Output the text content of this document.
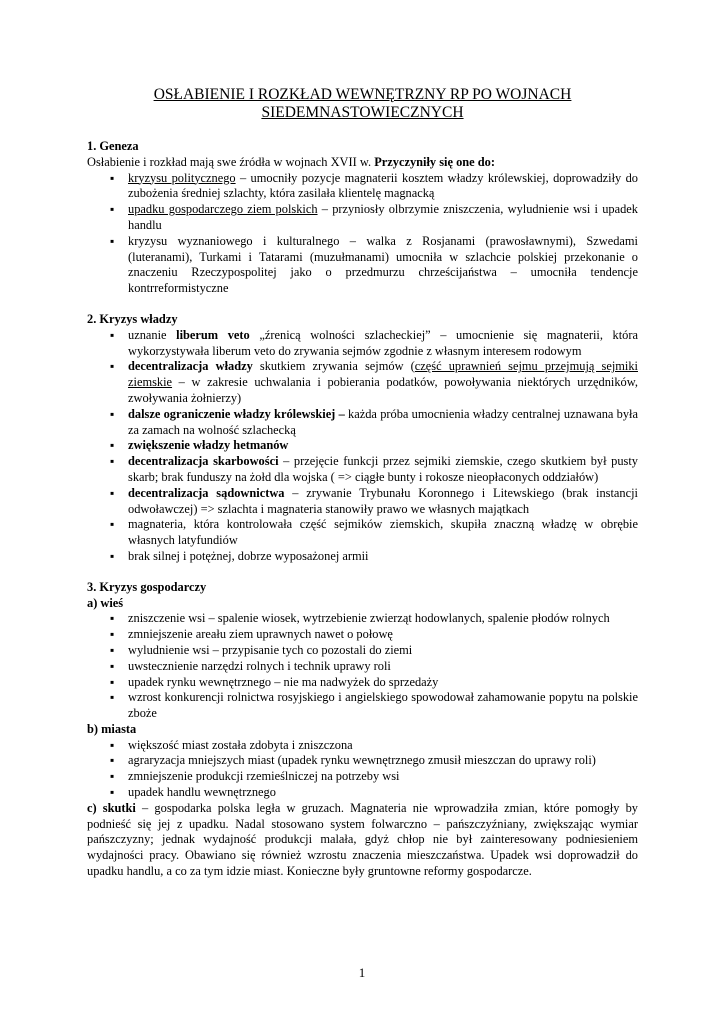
OSŁABIENIE I ROZKŁAD WEWNĘTRZNY RP PO WOJNACH
SIEDEMNASTOWIECZNYCH

1. Geneza

Osłabienie i rozkład mają swe źródła w wojnach XVII w. Przyczyniły się one do:

▪ kryzysu politycznego – umocniły pozycje magnaterii kosztem władzy królewskiej, doprowadziły do zubożenia średniej szlachty, która zasilała klientelę magnacką
▪ upadku gospodarczego ziem polskich – przyniosły olbrzymie zniszczenia, wyludnienie wsi i upadek handlu
▪ kryzysu wyznaniowego i kulturalnego – walka z Rosjanami (prawosławnymi), Szwedami (luteranami), Turkami i Tatarami (muzułmanami) umocniła w szlachcie polskiej przekonanie o znaczeniu Rzeczypospolitej jako o przedmurzu chrześcijaństwa – umocniła tendencje kontrreformistyczne

2. Kryzys władzy

▪ uznanie liberum veto „źrenicą wolności szlacheckiej” – umocnienie się magnaterii, która wykorzystywała liberum veto do zrywania sejmów zgodnie z własnym interesem rodowym
▪ decentralizacja władzy skutkiem zrywania sejmów (część uprawnień sejmu przejmują sejmiki ziemskie – w zakresie uchwalania i pobierania podatków, powoływania niektórych urzędników, zwoływania żołnierzy)
▪ dalsze ograniczenie władzy królewskiej – każda próba umocnienia władzy centralnej uznawana była za zamach na wolność szlachecką
▪ zwiększenie władzy hetmanów
▪ decentralizacja skarbowości – przejęcie funkcji przez sejmiki ziemskie, czego skutkiem był pusty skarb; brak funduszy na żołd dla wojska ( => ciągłe bunty i rokosze nieopłaconych oddziałów)
▪ decentralizacja sądownictwa – zrywanie Trybunału Koronnego i Litewskiego (brak instancji odwoławczej) => szlachta i magnateria stanowiły prawo we własnych majątkach
▪ magnateria, która kontrolowała część sejmików ziemskich, skupiła znaczną władzę w obrębie własnych latyfundiów
▪ brak silnej i potężnej, dobrze wyposażonej armii

3. Kryzys gospodarczy

a) wieś

▪ zniszczenie wsi – spalenie wiosek, wytrzebienie zwierząt hodowlanych, spalenie płodów rolnych
▪ zmniejszenie areału ziem uprawnych nawet o połowę
▪ wyludnienie wsi – przypisanie tych co pozostali do ziemi
▪ uwstecznienie narzędzi rolnych i technik uprawy roli
▪ upadek rynku wewnętrznego – nie ma nadwyżek do sprzedaży
▪ wzrost konkurencji rolnictwa rosyjskiego i angielskiego spowodował zahamowanie popytu na polskie zboże

b) miasta

▪ większość miast została zdobyta i zniszczona
▪ agraryzacja mniejszych miast (upadek rynku wewnętrznego zmusił mieszczan do uprawy roli)
▪ zmniejszenie produkcji rzemieślniczej na potrzeby wsi
▪ upadek handlu wewnętrznego

c) skutki – gospodarka polska legła w gruzach. Magnateria nie wprowadziła zmian, które pomogły by podnieść się jej z upadku. Nadal stosowano system folwarczno – pańszczyźniany, zwiększając wymiar pańszczyzny; jednak wydajność produkcji malała, gdyż chłop nie był zainteresowany podniesieniem wydajności pracy. Obawiano się również wzrostu znaczenia mieszczaństwa. Upadek wsi doprowadził do upadku handlu, a co za tym idzie miast. Konieczne były gruntowne reformy gospodarcze.

1
